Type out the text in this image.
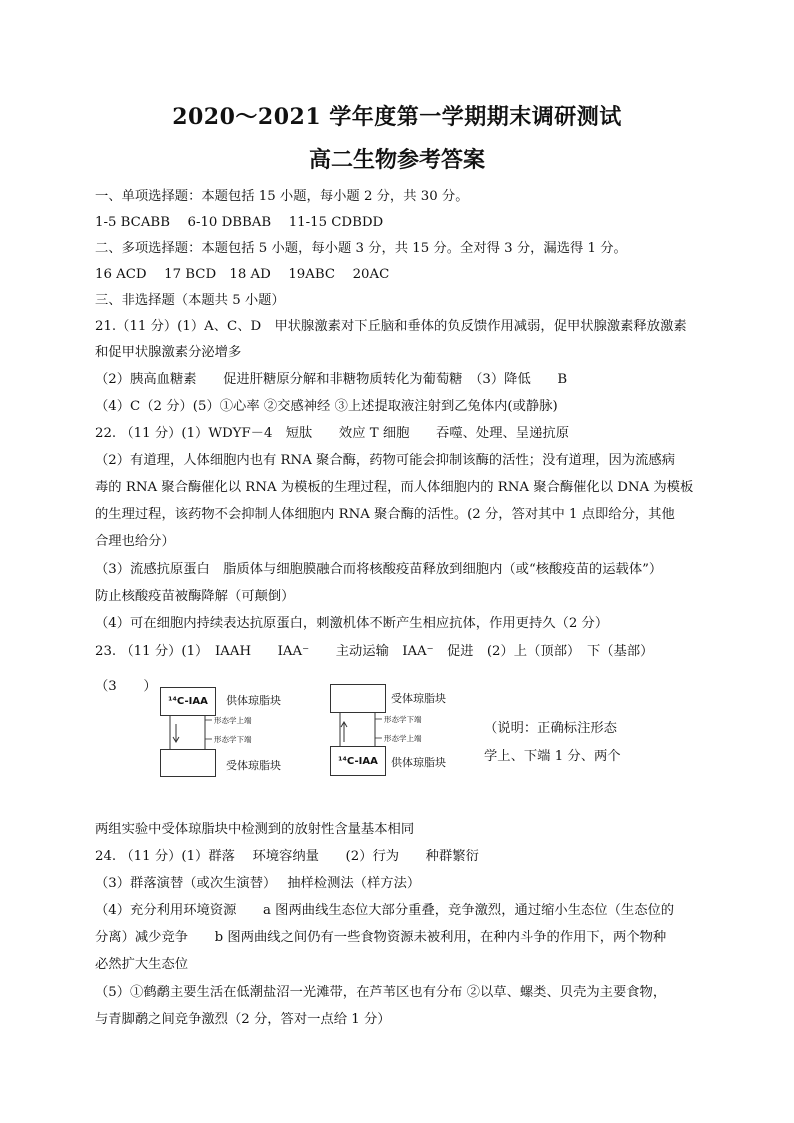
2020～2021 学年度第一学期期末调研测试
高二生物参考答案
一、单项选择题：本题包括 15 小题，每小题 2 分，共 30 分。
1-5 BCABB　 6-10 DBBAB　 11-15 CDBDD
二、多项选择题：本题包括 5 小题，每小题 3 分，共 15 分。全对得 3 分，漏选得 1 分。
16 ACD　 17 BCD　18 AD　 19ABC　 20AC
三、非选择题（本题共 5 小题）
21.（11 分）(1）A、C、D　甲状腺激素对下丘脑和垂体的负反馈作用减弱，促甲状腺激素释放激素
和促甲状腺激素分泌增多
（2）胰高血糖素　　促进肝糖原分解和非糖物质转化为葡萄糖　（3）降低　　B
（4）C（2 分）(5）①心率 ②交感神经 ③上述提取液注射到乙兔体内(或静脉)
22. （11 分）(1）WDYF－4　短肽　　效应 T 细胞　　吞噬、处理、呈递抗原
（2）有道理，人体细胞内也有 RNA 聚合酶，药物可能会抑制该酶的活性；没有道理，因为流感病
毒的 RNA 聚合酶催化以 RNA 为模板的生理过程，而人体细胞内的 RNA 聚合酶催化以 DNA 为模板
的生理过程，该药物不会抑制人体细胞内 RNA 聚合酶的活性。(2 分，答对其中 1 点即给分，其他
合理也给分）
（3）流感抗原蛋白　脂质体与细胞膜融合而将核酸疫苗释放到细胞内（或“核酸疫苗的运载体”）
防止核酸疫苗被酶降解（可颠倒）
（4）可在细胞内持续表达抗原蛋白，刺激机体不断产生相应抗体，作用更持久（2 分）
23. （11 分）(1）　IAAH　　IAA⁻　　主动运输　IAA⁻　促进　(2）上（顶部）　下（基部）
（3　　）
¹⁴C-IAA	供体琼脂块
形态学上端
形态学下端
受体琼脂块
受体琼脂块
形态学下端
形态学上端
¹⁴C-IAA	供体琼脂块
（说明：正确标注形态
学上、下端 1 分、两个
两组实验中受体琼脂块中检测到的放射性含量基本相同
24. （11 分）(1）群落　 环境容纳量　　(2）行为　　种群繁衍
（3）群落演替（或次生演替）　 抽样检测法（样方法）
（4）充分利用环境资源　　a 图两曲线生态位大部分重叠，竞争激烈，通过缩小生态位（生态位的
分离）减少竞争　　b 图两曲线之间仍有一些食物资源未被利用，在种内斗争的作用下，两个物种
必然扩大生态位
（5）①鹤鹬主要生活在低潮盐沼一光滩带，在芦苇区也有分布 ②以草、螺类、贝壳为主要食物，
与青脚鹬之间竞争激烈（2 分，答对一点给 1 分）
